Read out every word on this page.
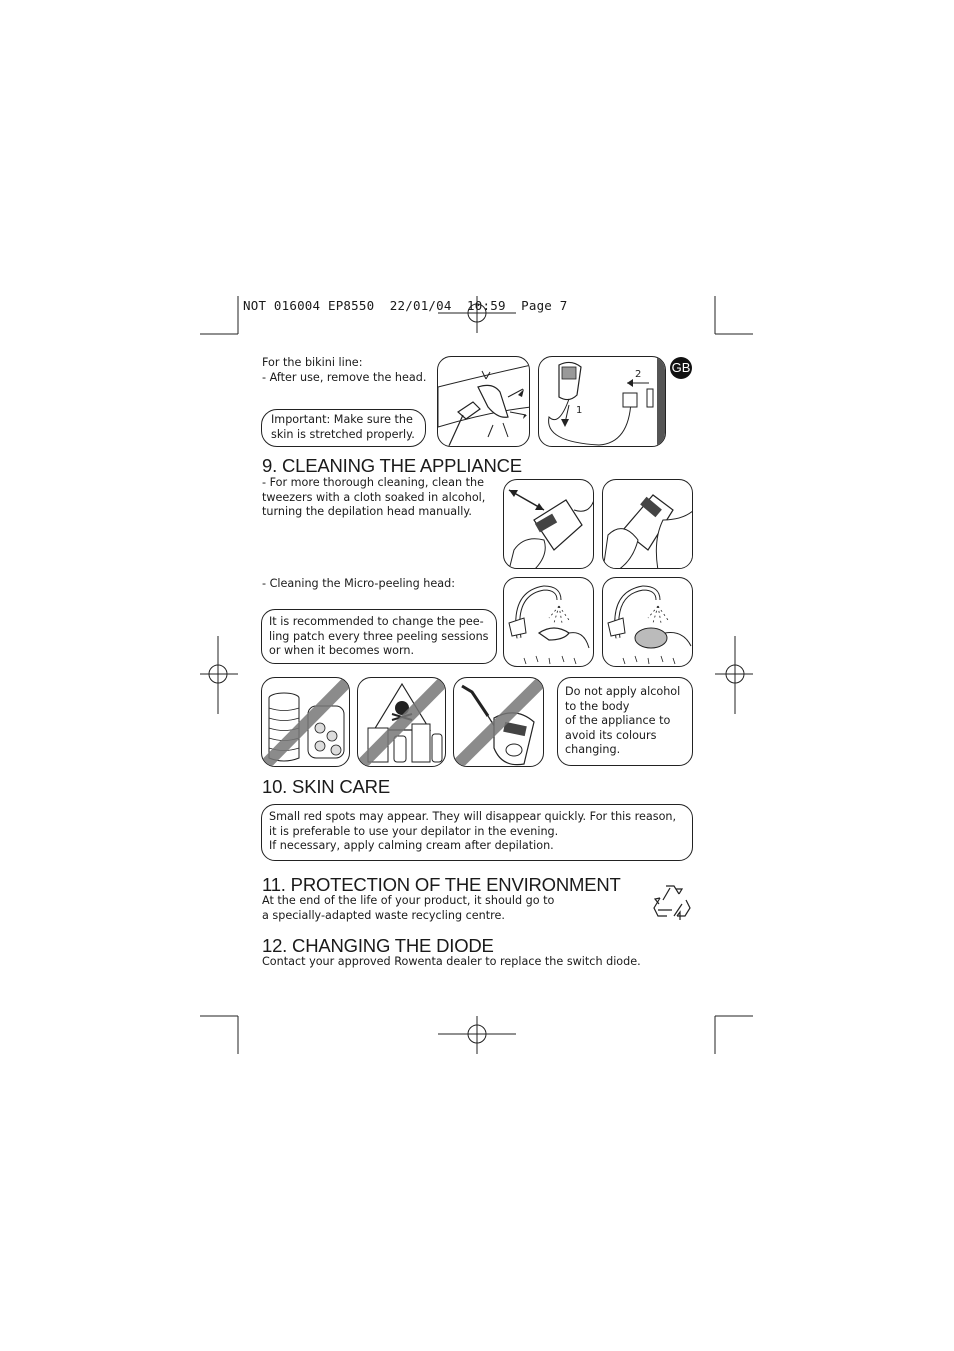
NOT 016004 EP8550  22/01/04  10:59  Page 7
GB
For the bikini line:
- After use, remove the head.
Important: Make sure the
skin is stretched properly.
2
1
9. CLEANING THE APPLIANCE
- For more thorough cleaning, clean the
tweezers with a cloth soaked in alcohol,
turning the depilation head manually.
- Cleaning the Micro-peeling head:
It is recommended to change the pee-
ling patch every three peeling sessions
or when it becomes worn.
Do not apply alcohol
to the body
of the appliance to
avoid its colours
changing.
10. SKIN CARE
Small red spots may appear. They will disappear quickly. For this reason,
it is preferable to use your depilator in the evening.
If necessary, apply calming cream after depilation.
11. PROTECTION OF THE ENVIRONMENT
At the end of the life of your product, it should go to
a specially-adapted waste recycling centre.
12. CHANGING THE DIODE
Contact your approved Rowenta dealer to replace the switch diode.
